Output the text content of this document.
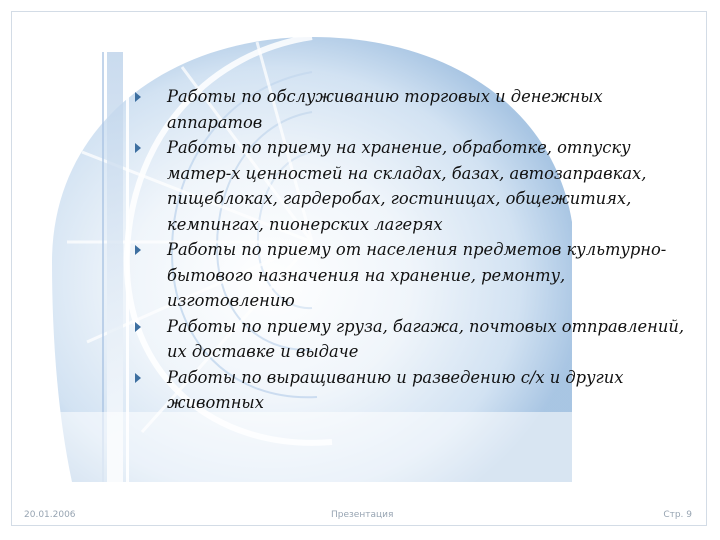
Работы по обслуживанию торговых и денежных аппаратов
Работы по приему на хранение, обработке, отпуску матер-х ценностей на складах, базах, автозаправках, пищеблоках, гардеробах, гостиницах, общежитиях, кемпингах, пионерских лагерях
Работы по приему от населения предметов культурно-бытового назначения на хранение, ремонту, изготовлению
Работы по приему груза, багажа, почтовых отправлений, их доставке и выдаче
Работы по выращиванию и разведению с/х и других животных
20.01.2006	Презентация	Стр. 9
